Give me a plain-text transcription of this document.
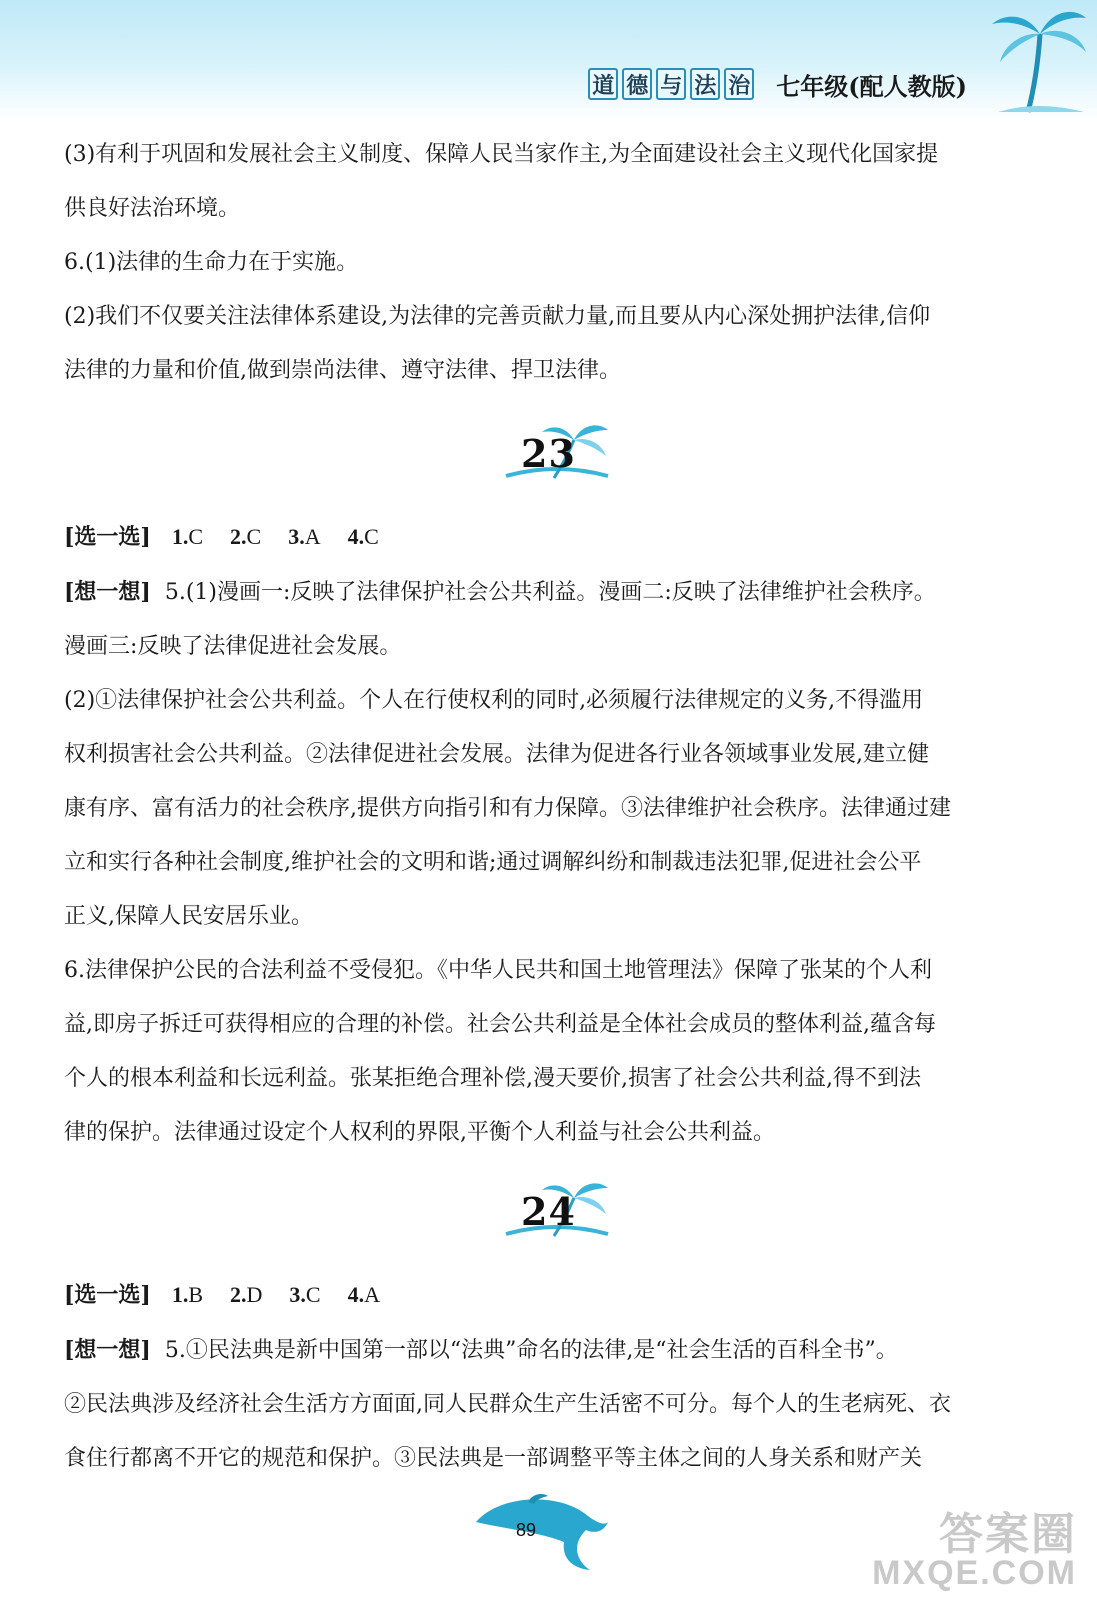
道 德 与 法 治 七年级(配人教版)

(3)有利于巩固和发展社会主义制度、保障人民当家作主,为全面建设社会主义现代化国家提

供良好法治环境。

6.(1)法律的生命力在于实施。

(2)我们不仅要关注法律体系建设,为法律的完善贡献力量,而且要从内心深处拥护法律,信仰

法律的力量和价值,做到崇尚法律、遵守法律、捍卫法律。

23

[选一选] 1.C 2.C 3.A 4.C

[想一想] 5.(1)漫画一:反映了法律保护社会公共利益。漫画二:反映了法律维护社会秩序。

漫画三:反映了法律促进社会发展。

(2)①法律保护社会公共利益。个人在行使权利的同时,必须履行法律规定的义务,不得滥用

权利损害社会公共利益。②法律促进社会发展。法律为促进各行业各领域事业发展,建立健

康有序、富有活力的社会秩序,提供方向指引和有力保障。③法律维护社会秩序。法律通过建

立和实行各种社会制度,维护社会的文明和谐;通过调解纠纷和制裁违法犯罪,促进社会公平

正义,保障人民安居乐业。

6.法律保护公民的合法利益不受侵犯。《中华人民共和国土地管理法》保障了张某的个人利

益,即房子拆迁可获得相应的合理的补偿。社会公共利益是全体社会成员的整体利益,蕴含每

个人的根本利益和长远利益。张某拒绝合理补偿,漫天要价,损害了社会公共利益,得不到法

律的保护。法律通过设定个人权利的界限,平衡个人利益与社会公共利益。

24

[选一选] 1.B 2.D 3.C 4.A

[想一想] 5.①民法典是新中国第一部以“法典”命名的法律,是“社会生活的百科全书”。

②民法典涉及经济社会生活方方面面,同人民群众生产生活密不可分。每个人的生老病死、衣

食住行都离不开它的规范和保护。③民法典是一部调整平等主体之间的人身关系和财产关

89	答案圈
MXQE.COM
